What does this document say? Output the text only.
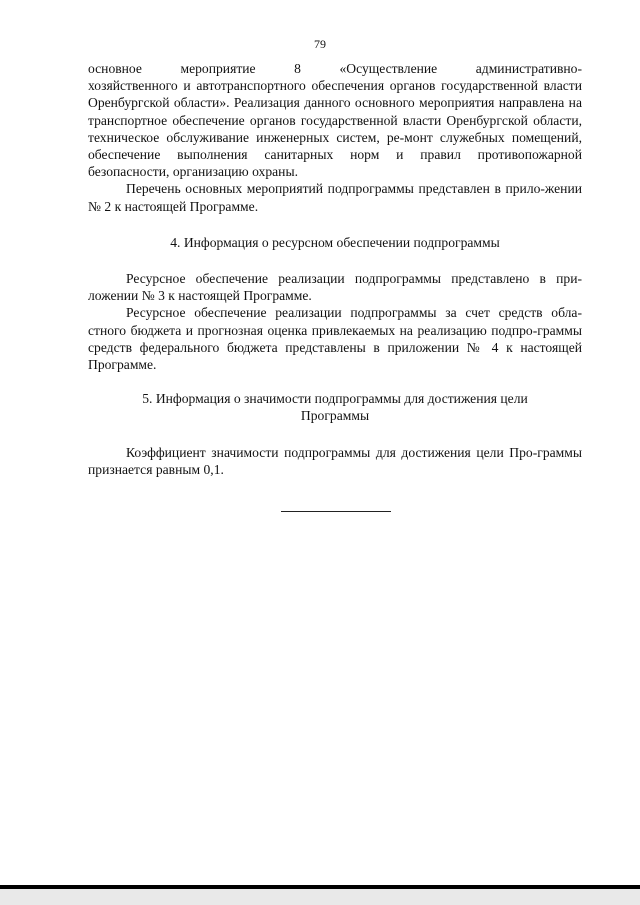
79

основное мероприятие 8 «Осуществление административно-

хозяйственного и автотранспортного обеспечения органов государственной власти Оренбургской области». Реализация данного основного мероприятия направлена на транспортное обеспечение органов государственной власти Оренбургской области, техническое обслуживание инженерных систем, ре-монт служебных помещений, обеспечение выполнения санитарных норм и правил противопожарной безопасности, организацию охраны.

Перечень основных мероприятий подпрограммы представлен в прило-жении № 2 к настоящей Программе.

4. Информация о ресурсном обеспечении подпрограммы

Ресурсное обеспечение реализации подпрограммы представлено в при-ложении № 3 к настоящей Программе.

Ресурсное обеспечение реализации подпрограммы за счет средств обла-стного бюджета и прогнозная оценка привлекаемых на реализацию подпро-граммы средств федерального бюджета представлены в приложении № 4 к настоящей Программе.

5. Информация о значимости подпрограммы для достижения цели

Программы

Коэффициент значимости подпрограммы для достижения цели Про-граммы признается равным 0,1.
